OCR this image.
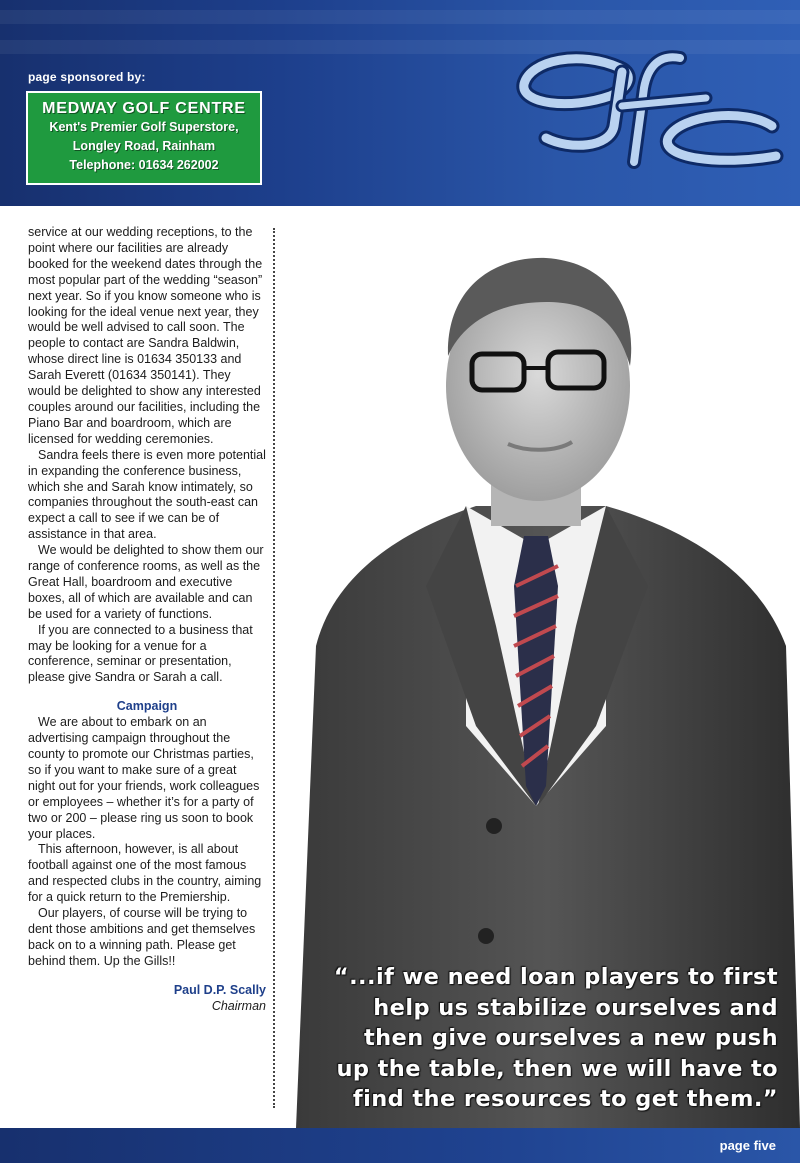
page sponsored by:
MEDWAY GOLF CENTRE
Kent's Premier Golf Superstore,
Longley Road, Rainham
Telephone: 01634 262002

service at our wedding receptions, to the point where our facilities are already booked for the weekend dates through the most popular part of the wedding “season” next year. So if you know someone who is looking for the ideal venue next year, they would be well advised to call soon. The people to contact are Sandra Baldwin, whose direct line is 01634 350133 and Sarah Everett (01634 350141). They would be delighted to show any interested couples around our facilities, including the Piano Bar and boardroom, which are licensed for wedding ceremonies.

Sandra feels there is even more potential in expanding the conference business, which she and Sarah know intimately, so companies throughout the south-east can expect a call to see if we can be of assistance in that area.

We would be delighted to show them our range of conference rooms, as well as the Great Hall, boardroom and executive boxes, all of which are available and can be used for a variety of functions.

If you are connected to a business that may be looking for a venue for a conference, seminar or presentation, please give Sandra or Sarah a call.

Campaign

We are about to embark on an advertising campaign throughout the county to promote our Christmas parties, so if you want to make sure of a great night out for your friends, work colleagues or employees – whether it’s for a party of two or 200 – please ring us soon to book your places.

This afternoon, however, is all about football against one of the most famous and respected clubs in the country, aiming for a quick return to the Premiership.

Our players, of course will be trying to dent those ambitions and get themselves back on to a winning path. Please get behind them. Up the Gills!!

Paul D.P. Scally
Chairman
“...if we need loan players to first
help us stabilize ourselves and
then give ourselves a new push
up the table, then we will have to
find the resources to get them.”
page five
